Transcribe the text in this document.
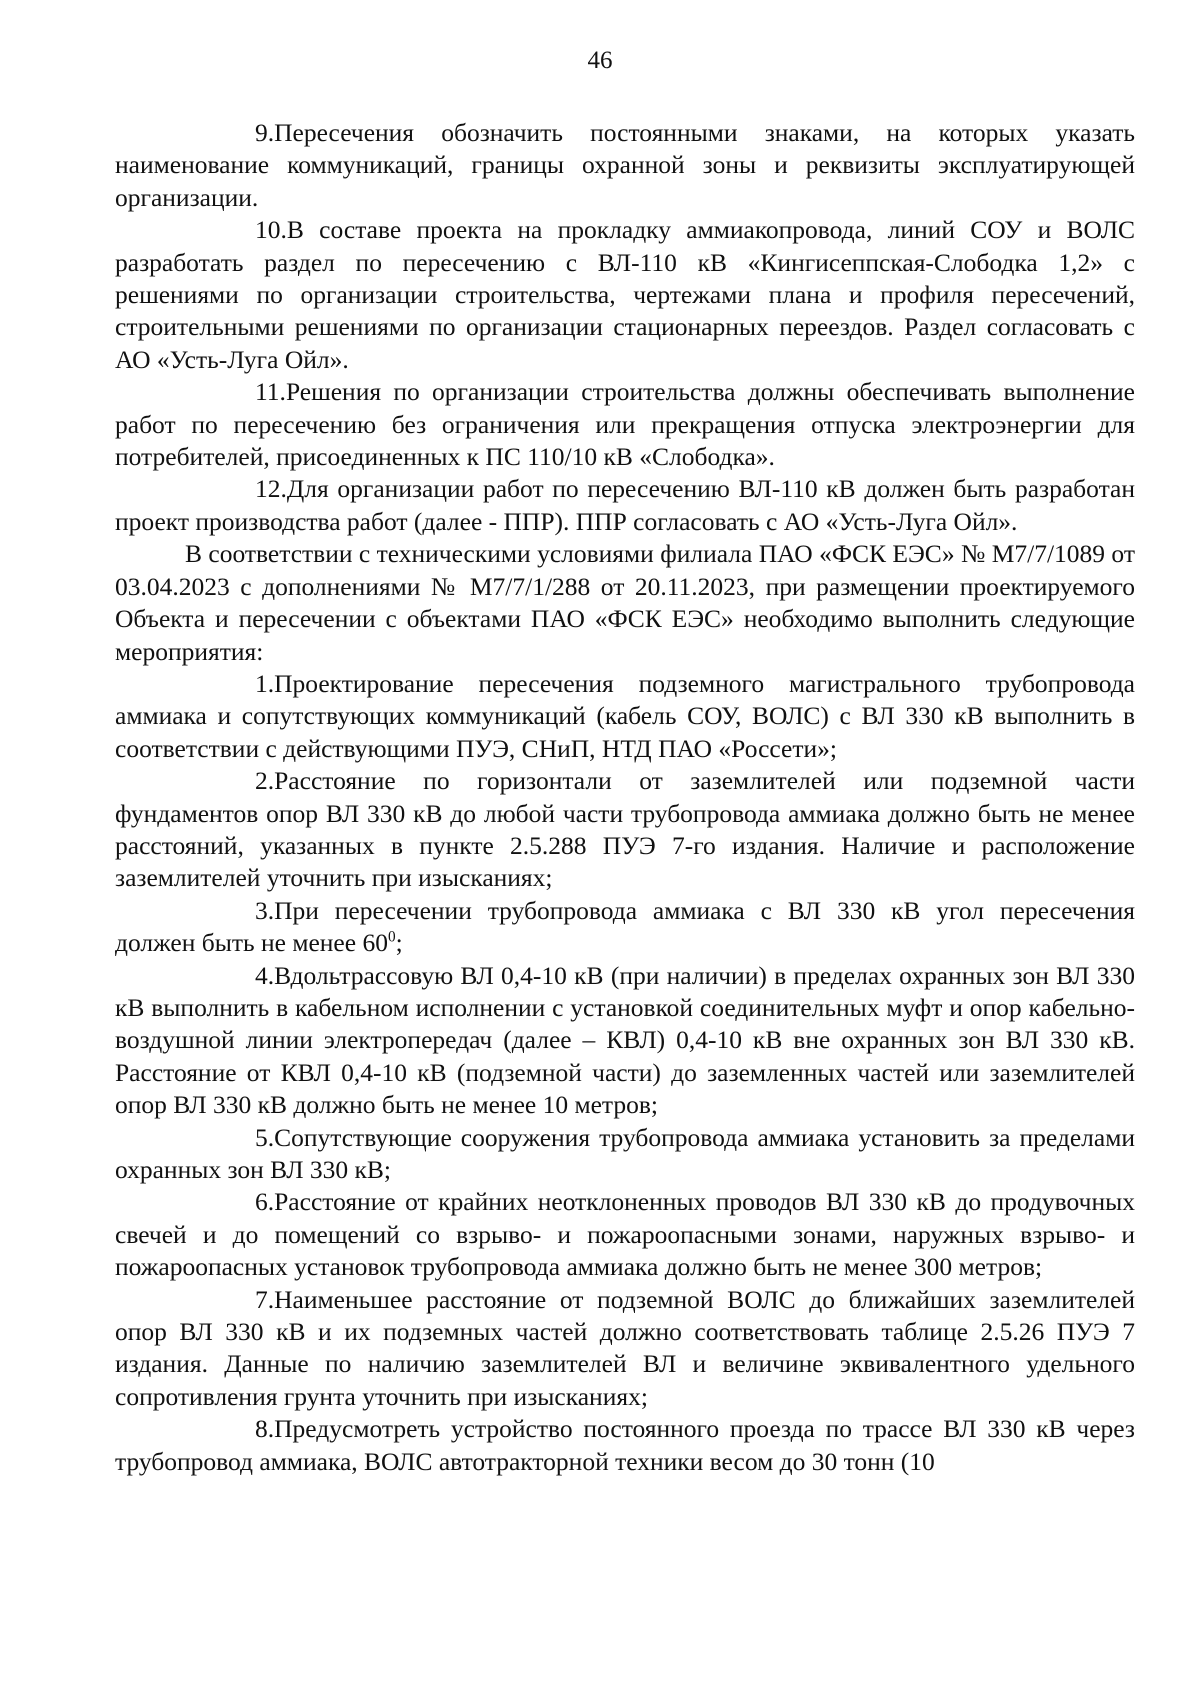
46

9.Пересечения обозначить постоянными знаками, на которых указать наименование коммуникаций, границы охранной зоны и реквизиты эксплуатирующей организации.

10.В составе проекта на прокладку аммиакопровода, линий СОУ и ВОЛС разработать раздел по пересечению с ВЛ-110 кВ «Кингисеппская-Слободка 1,2» с решениями по организации строительства, чертежами плана и профиля пересечений, строительными решениями по организации стационарных переездов. Раздел согласовать с АО «Усть-Луга Ойл».

11.Решения по организации строительства должны обеспечивать выполнение работ по пересечению без ограничения или прекращения отпуска электроэнергии для потребителей, присоединенных к ПС 110/10 кВ «Слободка».

12.Для организации работ по пересечению ВЛ-110 кВ должен быть разработан проект производства работ (далее - ППР). ППР согласовать с АО «Усть-Луга Ойл».

В соответствии с техническими условиями филиала ПАО «ФСК ЕЭС» № М7/7/1089 от 03.04.2023 с дополнениями № М7/7/1/288 от 20.11.2023, при размещении проектируемого Объекта и пересечении с объектами ПАО «ФСК ЕЭС» необходимо выполнить следующие мероприятия:

1.Проектирование пересечения подземного магистрального трубопровода аммиака и сопутствующих коммуникаций (кабель СОУ, ВОЛС) с ВЛ 330 кВ выполнить в соответствии с действующими ПУЭ, СНиП, НТД ПАО «Россети»;

2.Расстояние по горизонтали от заземлителей или подземной части фундаментов опор ВЛ 330 кВ до любой части трубопровода аммиака должно быть не менее расстояний, указанных в пункте 2.5.288 ПУЭ 7-го издания. Наличие и расположение заземлителей уточнить при изысканиях;

3.При пересечении трубопровода аммиака с ВЛ 330 кВ угол пересечения должен быть не менее $60^0$;

4.Вдольтрассовую ВЛ 0,4-10 кВ (при наличии) в пределах охранных зон ВЛ 330 кВ выполнить в кабельном исполнении с установкой соединительных муфт и опор кабельно-воздушной линии электропередач (далее – КВЛ) 0,4-10 кВ вне охранных зон ВЛ 330 кВ. Расстояние от КВЛ 0,4-10 кВ (подземной части) до заземленных частей или заземлителей опор ВЛ 330 кВ должно быть не менее 10 метров;

5.Сопутствующие сооружения трубопровода аммиака установить за пределами охранных зон ВЛ 330 кВ;

6.Расстояние от крайних неотклоненных проводов ВЛ 330 кВ до продувочных свечей и до помещений со взрыво- и пожароопасными зонами, наружных взрыво- и пожароопасных установок трубопровода аммиака должно быть не менее 300 метров;

7.Наименьшее расстояние от подземной ВОЛС до ближайших заземлителей опор ВЛ 330 кВ и их подземных частей должно соответствовать таблице 2.5.26 ПУЭ 7 издания. Данные по наличию заземлителей ВЛ и величине эквивалентного удельного сопротивления грунта уточнить при изысканиях;

8.Предусмотреть устройство постоянного проезда по трассе ВЛ 330 кВ через трубопровод аммиака, ВОЛС автотракторной техники весом до 30 тонн (10
